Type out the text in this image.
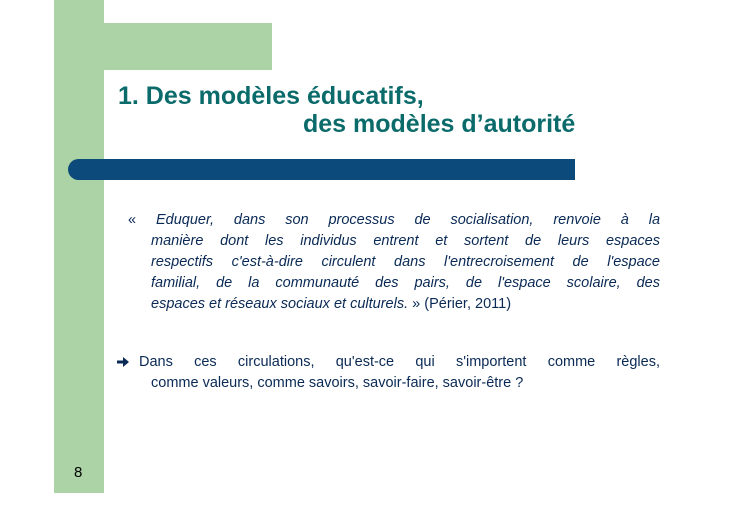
1. Des modèles éducatifs,
des modèles d’autorité
« Eduquer, dans son processus de socialisation, renvoie à la
manière dont les individus entrent et sortent de leurs espaces
respectifs c'est-à-dire circulent dans l'entrecroisement de l'espace
familial, de la communauté des pairs, de l'espace scolaire, des
espaces et réseaux sociaux et culturels. » (Périer, 2011)
Dans ces circulations, qu'est-ce qui s'importent comme règles,
comme valeurs, comme savoirs, savoir-faire, savoir-être ?
8
